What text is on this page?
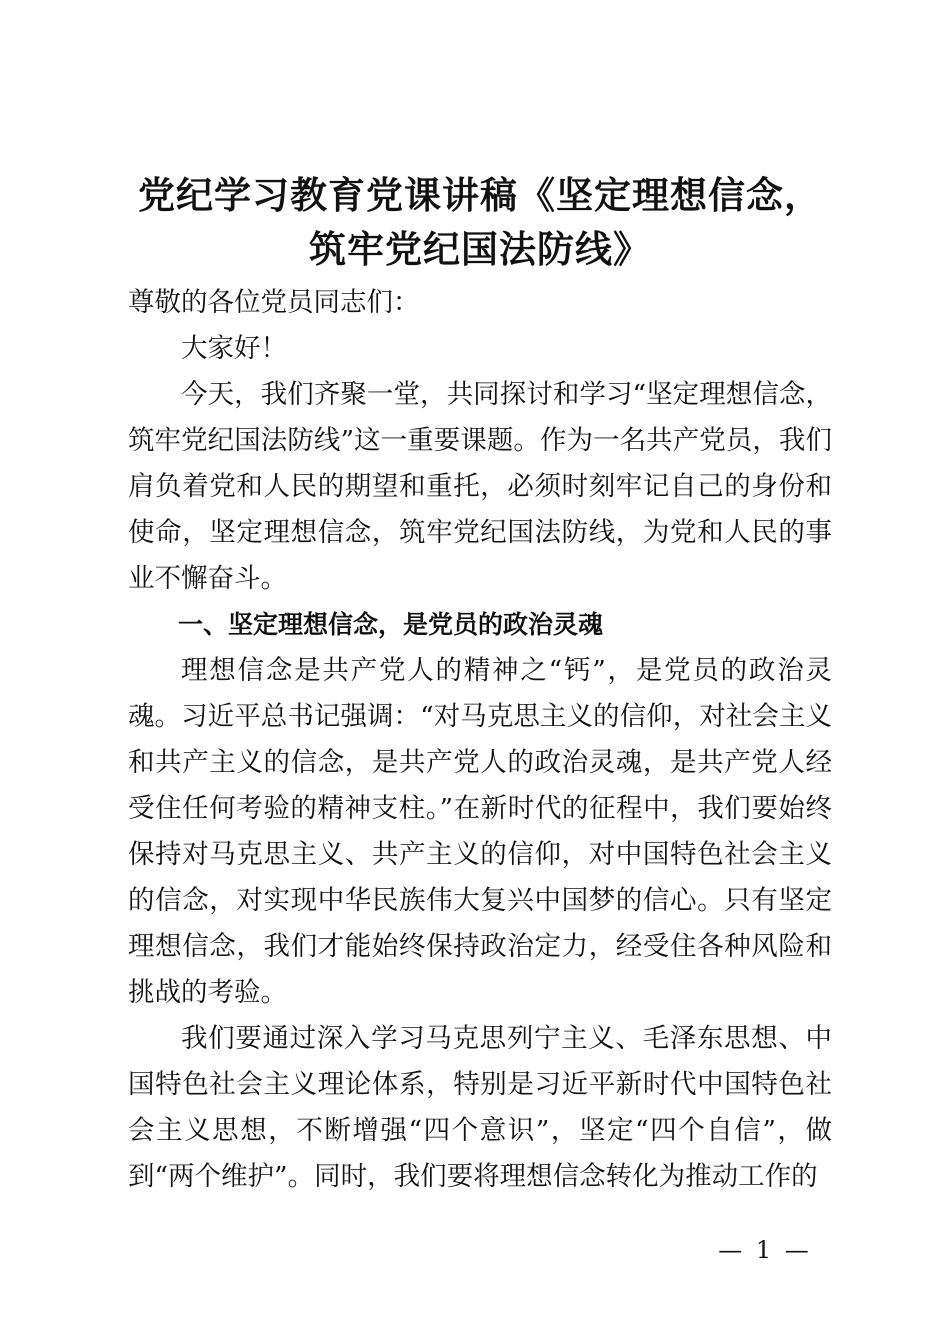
党纪学习教育党课讲稿《坚定理想信念，筑牢党纪国法防线》

尊敬的各位党员同志们：

大家好！

今天，我们齐聚一堂，共同探讨和学习“坚定理想信念，筑牢党纪国法防线”这一重要课题。作为一名共产党员，我们肩负着党和人民的期望和重托，必须时刻牢记自己的身份和使命，坚定理想信念，筑牢党纪国法防线，为党和人民的事业不懈奋斗。

一、坚定理想信念，是党员的政治灵魂

理想信念是共产党人的精神之“钙”，是党员的政治灵魂。习近平总书记强调：“对马克思主义的信仰，对社会主义和共产主义的信念，是共产党人的政治灵魂，是共产党人经受住任何考验的精神支柱。”在新时代的征程中，我们要始终保持对马克思主义、共产主义的信仰，对中国特色社会主义的信念，对实现中华民族伟大复兴中国梦的信心。只有坚定理想信念，我们才能始终保持政治定力，经受住各种风险和挑战的考验。

我们要通过深入学习马克思列宁主义、毛泽东思想、中国特色社会主义理论体系，特别是习近平新时代中国特色社会主义思想，不断增强“四个意识”，坚定“四个自信”，做到“两个维护”。同时，我们要将理想信念转化为推动工作的

— 1 —
